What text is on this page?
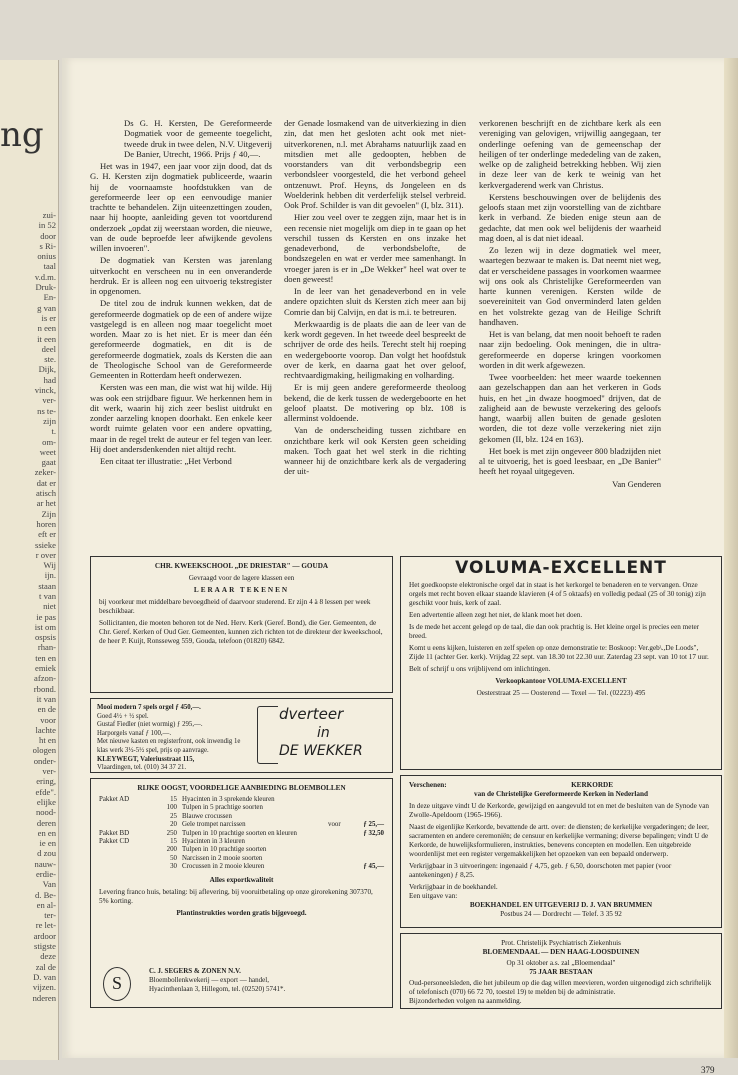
ng
zui-
in 52
door
s Ri-
onius
taal
v.d.m.
Druk-
En-
g van
is er
n een
it een
deel
ste.
Dijk,
had
vinck,
ver-
ns te-
zijn
t.
om-
weet
gaat
zeker-
dat er
atisch
ar het
Zijn
horen
eft er
ssieke
r over
Wij
ijn.
staan
t van
niet
ie pas
ist om
ospsis
rhan-
ten en
emiek
afzon-
rbond.
it van
en de
voor
lachte
ht en
ologen
onder-
ver-
ering,
efde".
elijke
nood-
deren
en en
ie en
d zou
nauw-
erdie-
Van
d. Be-
en al-
ter-
re let-
ardoor
stigste
deze
zal de
D. van
vijzen.
nderen

Ds G. H. Kersten, De Gereformeerde Dogmatiek voor de gemeente toegelicht, tweede druk in twee delen, N.V. Uitgeverij De Banier, Utrecht, 1966. Prijs ƒ 40,—.

Het was in 1947, een jaar voor zijn dood, dat ds G. H. Kersten zijn dogmatiek publiceerde, waarin hij de voornaamste hoofdstukken van de gereformeerde leer op een eenvoudige manier trachtte te behandelen. Zijn uiteenzettingen zouden, naar hij hoopte, aanleiding geven tot voortdurend onderzoek „opdat zij weerstaan worden, die nieuwe, van de oude beproefde leer afwijkende gevolens willen invoeren".

De dogmatiek van Kersten was jarenlang uitverkocht en verscheen nu in een onveranderde herdruk. Er is alleen nog een uitvoerig tekstregister in opgenomen.

De titel zou de indruk kunnen wekken, dat de gereformeerde dogmatiek op de een of andere wijze vastgelegd is en alleen nog maar toegelicht moet worden. Maar zo is het niet. Er is meer dan één gereformeerde dogmatiek, en dit is de gereformeerde dogmatiek, zoals ds Kersten die aan de Theologische School van de Gereformeerde Gemeenten in Rotterdam heeft onderwezen.

Kersten was een man, die wist wat hij wilde. Hij was ook een strijdbare figuur. We herkennen hem in dit werk, waarin hij zich zeer beslist uitdrukt en zonder aarzeling knopen doorhakt. Een enkele keer wordt ruimte gelaten voor een andere opvatting, maar in de regel trekt de auteur er fel tegen van leer. Hij doet andersdenkenden niet altijd recht.

Een citaat ter illustratie: „Het Verbond

der Genade losmakend van de uitverkiezing in dien zin, dat men het gesloten acht ook met niet-uitverkorenen, n.l. met Abrahams natuurlijk zaad en mitsdien met alle gedoopten, hebben de voorstanders van dit verbondsbegrip een verbondsleer voorgesteld, die het verbond geheel ontzenuwt. Prof. Heyns, ds Jongeleen en ds Woelderink hebben dit verderfelijk stelsel verbreid. Ook Prof. Schilder is van dit gevoelen" (I, blz. 311).

Hier zou veel over te zeggen zijn, maar het is in een recensie niet mogelijk om diep in te gaan op het verschil tussen ds Kersten en ons inzake het genadeverbond, de verbondsbelofte, de bondszegelen en wat er verder mee samenhangt. In vroeger jaren is er in „De Wekker" heel wat over te doen geweest!

In de leer van het genadeverbond en in vele andere opzichten sluit ds Kersten zich meer aan bij Comrie dan bij Calvijn, en dat is m.i. te betreuren.

Merkwaardig is de plaats die aan de leer van de kerk wordt gegeven. In het tweede deel bespreekt de schrijver de orde des heils. Terecht stelt hij roeping en wedergeboorte voorop. Dan volgt het hoofdstuk over de kerk, en daarna gaat het over geloof, rechtvaardigmaking, heiligmaking en volharding.

Er is mij geen andere gereformeerde theoloog bekend, die de kerk tussen de wedergeboorte en het geloof plaatst. De motivering op blz. 108 is allerminst voldoende.

Van de onderscheiding tussen zichtbare en onzichtbare kerk wil ook Kersten geen scheiding maken. Toch gaat het wel sterk in die richting wanneer hij de onzichtbare kerk als de vergadering der uit-

verkorenen beschrijft en de zichtbare kerk als een vereniging van gelovigen, vrijwillig aangegaan, ter onderlinge oefening van de gemeenschap der heiligen of ter onderlinge mededeling van de zaken, welke op de zaligheid betrekking hebben. Wij zien in deze leer van de kerk te weinig van het kerkvergaderend werk van Christus.

Kerstens beschouwingen over de belijdenis des geloofs staan met zijn voorstelling van de zichtbare kerk in verband. Ze bieden enige steun aan de gedachte, dat men ook wel belijdenis der waarheid mag doen, al is dat niet ideaal.

Zo lezen wij in deze dogmatiek wel meer, waartegen bezwaar te maken is. Dat neemt niet weg, dat er verscheidene passages in voorkomen waarmee wij ons ook als Christelijke Gereformeerden van harte kunnen verenigen. Kersten wilde de soevereiniteit van God onverminderd laten gelden en het volstrekte gezag van de Heilige Schrift handhaven.

Het is van belang, dat men nooit behoeft te raden naar zijn bedoeling. Ook meningen, die in ultra-gereformeerde en doperse kringen voorkomen worden in dit werk afgewezen.

Twee voorbeelden: het meer waarde toekennen aan gezelschappen dan aan het verkeren in Gods huis, en het „in dwaze hoogmoed" drijven, dat de zaligheid aan de bewuste verzekering des geloofs hangt, waarbij allen buiten de genade gesloten worden, die tot deze volle verzekering niet zijn gekomen (II, blz. 124 en 163).

Het boek is met zijn ongeveer 800 bladzijden niet al te uitvoerig, het is goed leesbaar, en „De Banier" heeft het royaal uitgegeven.

Van Genderen

CHR. KWEEKSCHOOL „DE DRIESTAR" — GOUDA

Gevraagd voor de lagere klassen een

LERAAR TEKENEN

bij voorkeur met middelbare bevoegdheid of daarvoor studerend. Er zijn 4 à 8 lessen per week beschikbaar.

Sollicitanten, die moeten behoren tot de Ned. Herv. Kerk (Geref. Bond), die Ger. Gemeenten, de Chr. Geref. Kerken of Oud Ger. Gemeenten, kunnen zich richten tot de direkteur der kweekschool, de heer P. Kuijt, Ronsseweg 559, Gouda, telefoon (01820) 6842.

VOLUMA-EXCELLENT

Het goedkoopste elektronische orgel dat in staat is het kerkorgel te benaderen en te vervangen. Onze orgels met recht boven elkaar staande klavieren (4 of 5 oktaafs) en volledig pedaal (25 of 30 tonig) zijn geschikt voor huis, kerk of zaal.

Een advertentie alleen zegt het niet, de klank moet het doen.

Is de mede het accent gelegd op de taal, die dan ook prachtig is. Het kleine orgel is precies een meter breed.

Komt u eens kijken, luisteren en zelf spelen op onze demonstratie te: Boskoop: Ver.geb\.,De Loods", Zijde 11 (achter Ger. kerk). Vrijdag 22 sept. van 18.30 tot 22.30 uur. Zaterdag 23 sept. van 10 tot 17 uur.

Belt of schrijf u ons vrijblijvend om inlichtingen.

Verkoopkantoor VOLUMA-EXCELLENT

Oesterstraat 25 — Oosterend — Texel — Tel. (02223) 495

Mooi modern 7 spels orgel ƒ 450,—.
Goed 4½ + ½ spel.
Gustaf Fiedler (niet wormig) ƒ 295,—.
Harporgels vanaf ƒ 100,—.
Met nieuwe kasten en registerfront, ook inwendig 1e klas werk 3½-5½ spel, prijs op aanvrage.
KLEYWEGT, Valeriusstraat 115,
Vlaardingen, tel. (010) 34 37 21.
dverteer
in
DE WEKKER

RIJKE OOGST, VOORDELIGE AANBIEDING BLOEMBOLLEN

Pakket AD	15 Hyacinten in 3 sprekende kleuren
100 Tulpen in 5 prachtige soorten
25 Blauwe crocussen
20 Gele trompet narcissen	voor	ƒ 25,—
Pakket BD	250 Tulpen in 10 prachtige soorten en kleuren	ƒ 32,50
Pakket CD	15 Hyacinten in 3 kleuren
200 Tulpen in 10 prachtige soorten
50 Narcissen in 2 mooie soorten
30 Crocussen in 2 mooie kleuren	ƒ 45,—

Alles exportkwaliteit

Levering franco huis, betaling: bij aflevering, bij vooruitbetaling op onze girorekening 307370, 5% korting.

Plantinstrukties worden gratis bijgevoegd.

S
C. J. SEGERS & ZONEN N.V.
Bloembollenkwekerij — export — handel,
Hyacinthenlaan 3, Hillegom, tel. (02520) 5741*.
Verschenen:	KERKORDE

van de Christelijke Gereformeerde Kerken in Nederland

In deze uitgave vindt U de Kerkorde, gewijzigd en aangevuld tot en met de besluiten van de Synode van Zwolle-Apeldoorn (1965-1966).

Naast de eigenlijke Kerkorde, bevattende de artt. over: de diensten; de kerkelijke vergaderingen; de leer, sacramenten en andere ceremoniën; de censuur en kerkelijke vermaning; diverse bepalingen; vindt U de Kerkorde, de huwelijksformulieren, instrukties, benevens concepten en modellen. Een uitgebreide woordenlijst met een register vergemakkelijken het opzoeken van een bepaald onderwerp.

Verkrijgbaar in 3 uitvoeringen: ingenaaid ƒ 4,75, geb. ƒ 6,50, doorschoten met papier (voor aantekeningen) ƒ 8,25.

Verkrijgbaar in de boekhandel.

Een uitgave van:

BOEKHANDEL EN UITGEVERIJ D. J. VAN BRUMMEN

Postbus 24 — Dordrecht — Telef. 3 35 92

Prot. Christelijk Psychiatrisch Ziekenhuis

BLOEMENDAAL — DEN HAAG-LOOSDUINEN

Op 31 oktober a.s. zal „Bloemendaal"

75 JAAR BESTAAN

Oud-personeelsleden, die het jubileum op die dag willen meevieren, worden uitgenodigd zich schriftelijk of telefonisch (070) 66 72 70, toestel 19) te melden bij de administratie.

Bijzonderheden volgen na aanmelding.

379
